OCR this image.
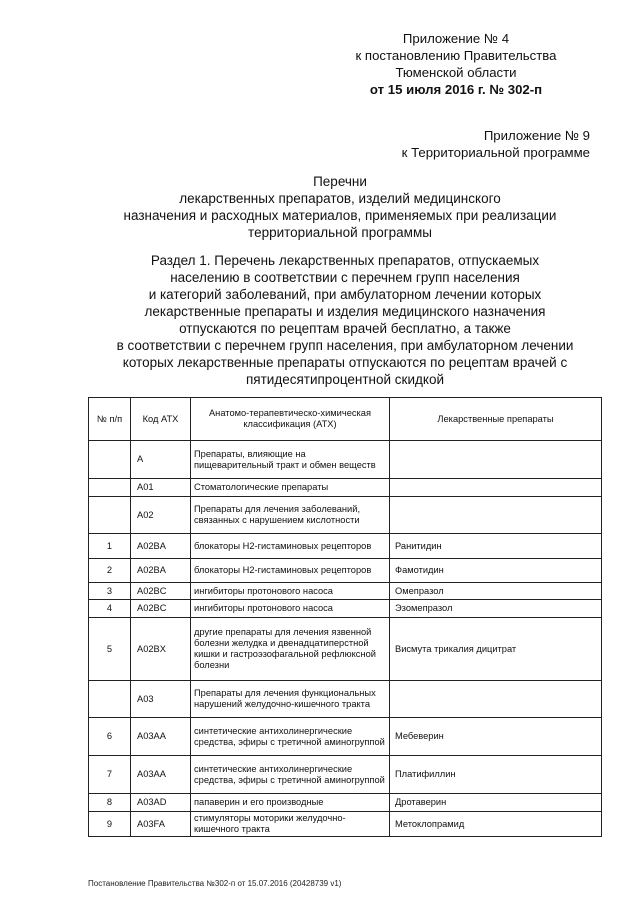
Приложение № 4
к постановлению Правительства
Тюменской области
от 15 июля 2016 г. № 302-п
Приложение № 9
к Территориальной программе
Перечни
лекарственных препаратов, изделий медицинского
назначения и расходных материалов, применяемых при реализации
территориальной программы
Раздел 1. Перечень лекарственных препаратов, отпускаемых
населению в соответствии с перечнем групп населения
и категорий заболеваний, при амбулаторном лечении которых
лекарственные препараты и изделия медицинского назначения
отпускаются по рецептам врачей бесплатно, а также
в соответствии с перечнем групп населения, при амбулаторном лечении
которых лекарственные препараты отпускаются по рецептам врачей с
пятидесятипроцентной скидкой
№ п/п	Код АТХ	Анатомо-терапевтическо-химическая классификация (АТХ)	Лекарственные препараты
	A	Препараты, влияющие на пищеварительный тракт и обмен веществ	
	A01	Стоматологические препараты	
	A02	Препараты для лечения заболеваний, связанных с нарушением кислотности	
1	A02BA	блокаторы H2-гистаминовых рецепторов	Ранитидин
2	A02BA	блокаторы H2-гистаминовых рецепторов	Фамотидин
3	A02BC	ингибиторы протонового насоса	Омепразол
4	A02BC	ингибиторы протонового насоса	Эзомепразол
5	A02BX	другие препараты для лечения язвенной болезни желудка и двенадцатиперстной кишки и гастроэзофагальной рефлюксной болезни	Висмута трикалия дицитрат
	A03	Препараты для лечения функциональных нарушений желудочно-кишечного тракта	
6	A03AA	синтетические антихолинергические средства, эфиры с третичной аминогруппой	Мебеверин
7	A03AA	синтетические антихолинергические средства, эфиры с третичной аминогруппой	Платифиллин
8	A03AD	папаверин и его производные	Дротаверин
9	A03FA	стимуляторы моторики желудочно-кишечного тракта	Метоклопрамид
Постановление Правительства №302-п от 15.07.2016 (20428739 v1)
